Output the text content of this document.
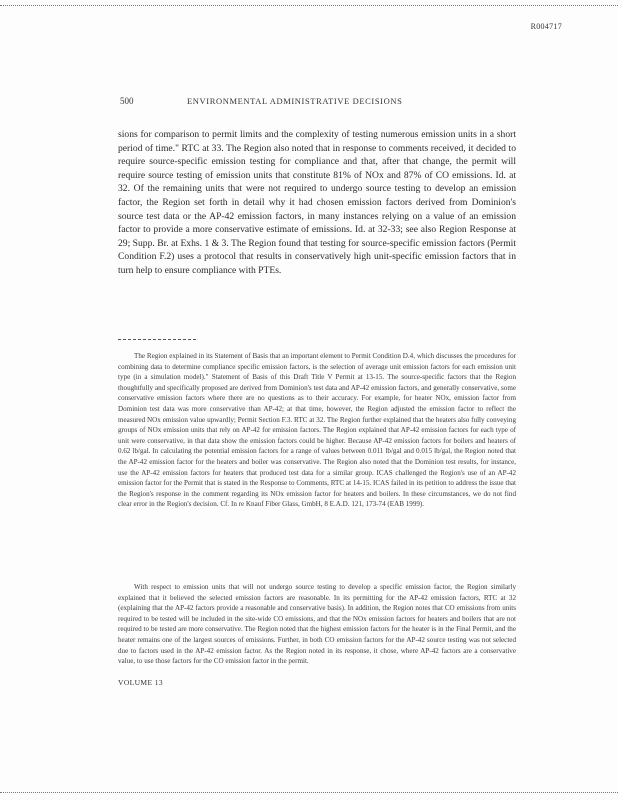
R004717
500	ENVIRONMENTAL ADMINISTRATIVE DECISIONS

sions for comparison to permit limits and the complexity of testing numerous emission units in a short period of time." RTC at 33. The Region also noted that in response to comments received, it decided to require source-specific emission testing for compliance and that, after that change, the permit will require source testing of emission units that constitute 81% of NOx and 87% of CO emissions. Id. at 32. Of the remaining units that were not required to undergo source testing to develop an emission factor, the Region set forth in detail why it had chosen emission factors derived from Dominion's source test data or the AP-42 emission factors, in many instances relying on a value of an emission factor to provide a more conservative estimate of emissions. Id. at 32-33; see also Region Response at 29; Supp. Br. at Exhs. 1 & 3. The Region found that testing for source-specific emission factors (Permit Condition F.2) uses a protocol that results in conservatively high unit-specific emission factors that in turn help to ensure compliance with PTEs.

The Region explained in its Statement of Basis that an important element to Permit Condition D.4, which discusses the procedures for combining data to determine compliance specific emission factors, is the selection of average unit emission factors for each emission unit type (in a simulation model)." Statement of Basis of this Draft Title V Permit at 13-15. The source-specific factors that the Region thoughtfully and specifically proposed are derived from Dominion's test data and AP-42 emission factors, and generally conservative, some conservative emission factors where there are no questions as to their accuracy. For example, for heater NOx, emission factor from Dominion test data was more conservative than AP-42; at that time, however, the Region adjusted the emission factor to reflect the measured NOx emission value upwardly; Permit Section F.3. RTC at 32. The Region further explained that the heaters also fully conveying groups of NOx emission units that rely on AP-42 for emission factors. The Region explained that AP-42 emission factors for each type of unit were conservative, in that data show the emission factors could be higher. Because AP-42 emission factors for boilers and heaters of 0.62 lb/gal. In calculating the potential emission factors for a range of values between 0.011 lb/gal and 0.015 lb/gal, the Region noted that the AP-42 emission factor for the heaters and boiler was conservative. The Region also noted that the Dominion test results, for instance, use the AP-42 emission factors for heaters that produced test data for a similar group. ICAS challenged the Region's use of an AP-42 emission factor for the Permit that is stated in the Response to Comments, RTC at 14-15. ICAS failed in its petition to address the issue that the Region's response in the comment regarding its NOx emission factor for heaters and boilers. In these circumstances, we do not find clear error in the Region's decision. Cf. In re Knauf Fiber Glass, GmbH, 8 E.A.D. 121, 173-74 (EAB 1999).

With respect to emission units that will not undergo source testing to develop a specific emission factor, the Region similarly explained that it believed the selected emission factors are reasonable. In its permitting for the AP-42 emission factors, RTC at 32 (explaining that the AP-42 factors provide a reasonable and conservative basis). In addition, the Region notes that CO emissions from units required to be tested will be included in the site-wide CO emissions, and that the NOx emission factors for heaters and boilers that are not required to be tested are more conservative. The Region noted that the highest emission factors for the heater is in the Final Permit, and the heater remains one of the largest sources of emissions. Further, in both CO emission factors for the AP-42 source testing was not selected due to factors used in the AP-42 emission factor. As the Region noted in its response, it chose, where AP-42 factors are a conservative value, to use those factors for the CO emission factor in the permit.

VOLUME 13
